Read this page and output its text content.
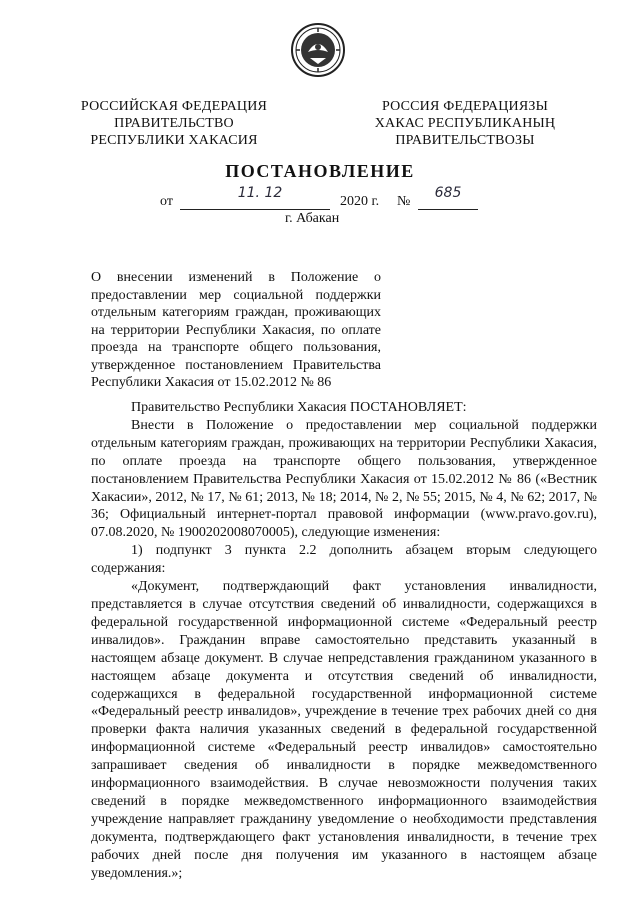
РОССИЙСКАЯ ФЕДЕРАЦИЯ
ПРАВИТЕЛЬСТВО
РЕСПУБЛИКИ ХАКАСИЯ
РОССИЯ ФЕДЕРАЦИЯЗЫ
ХАКАС РЕСПУБЛИКАНЫҢ
ПРАВИТЕЛЬСТВОЗЫ
ПОСТАНОВЛЕНИЕ
от
11. 12
2020 г. №
685
г. Абакан
О внесении изменений в Положение о предоставлении мер социальной поддержки отдельным категориям граждан, проживающих на территории Республики Хакасия, по оплате проезда на транспорте общего пользования, утвержденное постановлением Правительства Республики Хакасия от 15.02.2012 № 86

Правительство Республики Хакасия ПОСТАНОВЛЯЕТ:

Внести в Положение о предоставлении мер социальной поддержки отдельным категориям граждан, проживающих на территории Республики Хакасия, по оплате проезда на транспорте общего пользования, утвержденное постановлением Правительства Республики Хакасия от 15.02.2012 № 86 («Вестник Хакасии», 2012, № 17, № 61; 2013, № 18; 2014, № 2, № 55; 2015, № 4, № 62; 2017, № 36; Официальный интернет-портал правовой информации (www.pravo.gov.ru), 07.08.2020, № 1900202008070005), следующие изменения:

1) подпункт 3 пункта 2.2 дополнить абзацем вторым следующего содержания:

«Документ, подтверждающий факт установления инвалидности, представляется в случае отсутствия сведений об инвалидности, содержащихся в федеральной государственной информационной системе «Федеральный реестр инвалидов». Гражданин вправе самостоятельно представить указанный в настоящем абзаце документ. В случае непредставления гражданином указанного в настоящем абзаце документа и отсутствия сведений об инвалидности, содержащихся в федеральной государственной информационной системе «Федеральный реестр инвалидов», учреждение в течение трех рабочих дней со дня проверки факта наличия указанных сведений в федеральной государственной информационной системе «Федеральный реестр инвалидов» самостоятельно запрашивает сведения об инвалидности в порядке межведомственного информационного взаимодействия. В случае невозможности получения таких сведений в порядке межведомственного информационного взаимодействия учреждение направляет гражданину уведомление о необходимости представления документа, подтверждающего факт установления инвалидности, в течение трех рабочих дней после дня получения им указанного в настоящем абзаце уведомления.»;
